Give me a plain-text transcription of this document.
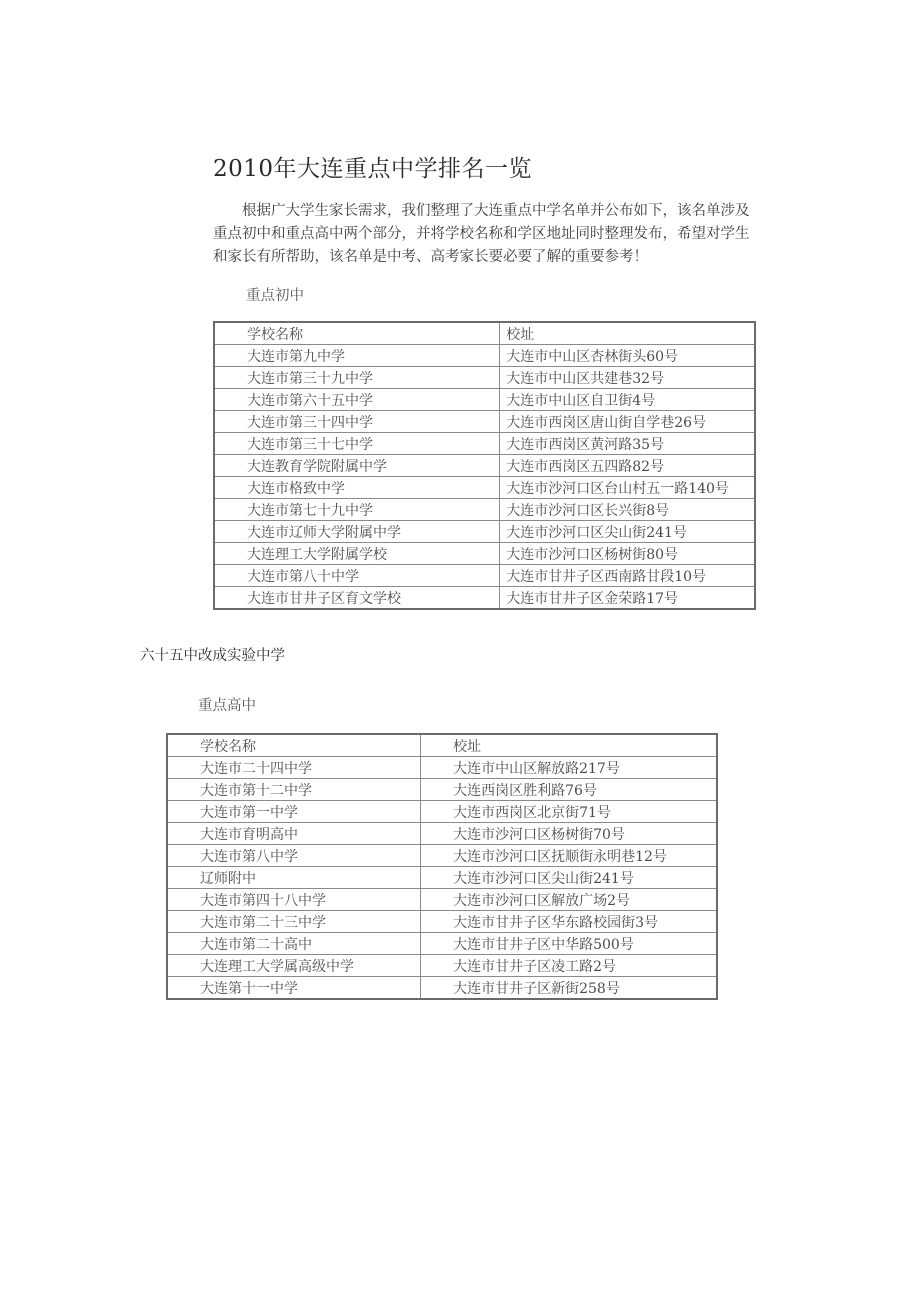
2010年大连重点中学排名一览

根据广大学生家长需求，我们整理了大连重点中学名单并公布如下，该名单涉及重点初中和重点高中两个部分，并将学校名称和学区地址同时整理发布，希望对学生和家长有所帮助，该名单是中考、高考家长要必要了解的重要参考！

重点初中

学校名称	校址
大连市第九中学	大连市中山区杏林街头60号
大连市第三十九中学	大连市中山区共建巷32号
大连市第六十五中学	大连市中山区自卫街4号
大连市第三十四中学	大连市西岗区唐山街自学巷26号
大连市第三十七中学	大连市西岗区黄河路35号
大连教育学院附属中学	大连市西岗区五四路82号
大连市格致中学	大连市沙河口区台山村五一路140号
大连市第七十九中学	大连市沙河口区长兴街8号
大连市辽师大学附属中学	大连市沙河口区尖山街241号
大连理工大学附属学校	大连市沙河口区杨树街80号
大连市第八十中学	大连市甘井子区西南路甘段10号
大连市甘井子区育文学校	大连市甘井子区金荣路17号

六十五中改成实验中学

重点高中

学校名称	校址
大连市二十四中学	大连市中山区解放路217号
大连市第十二中学	大连西岗区胜利路76号
大连市第一中学	大连市西岗区北京街71号
大连市育明高中	大连市沙河口区杨树街70号
大连市第八中学	大连市沙河口区抚顺街永明巷12号
辽师附中	大连市沙河口区尖山街241号
大连市第四十八中学	大连市沙河口区解放广场2号
大连市第二十三中学	大连市甘井子区华东路校园街3号
大连市第二十高中	大连市甘井子区中华路500号
大连理工大学属高级中学	大连市甘井子区凌工路2号
大连第十一中学	大连市甘井子区新街258号
